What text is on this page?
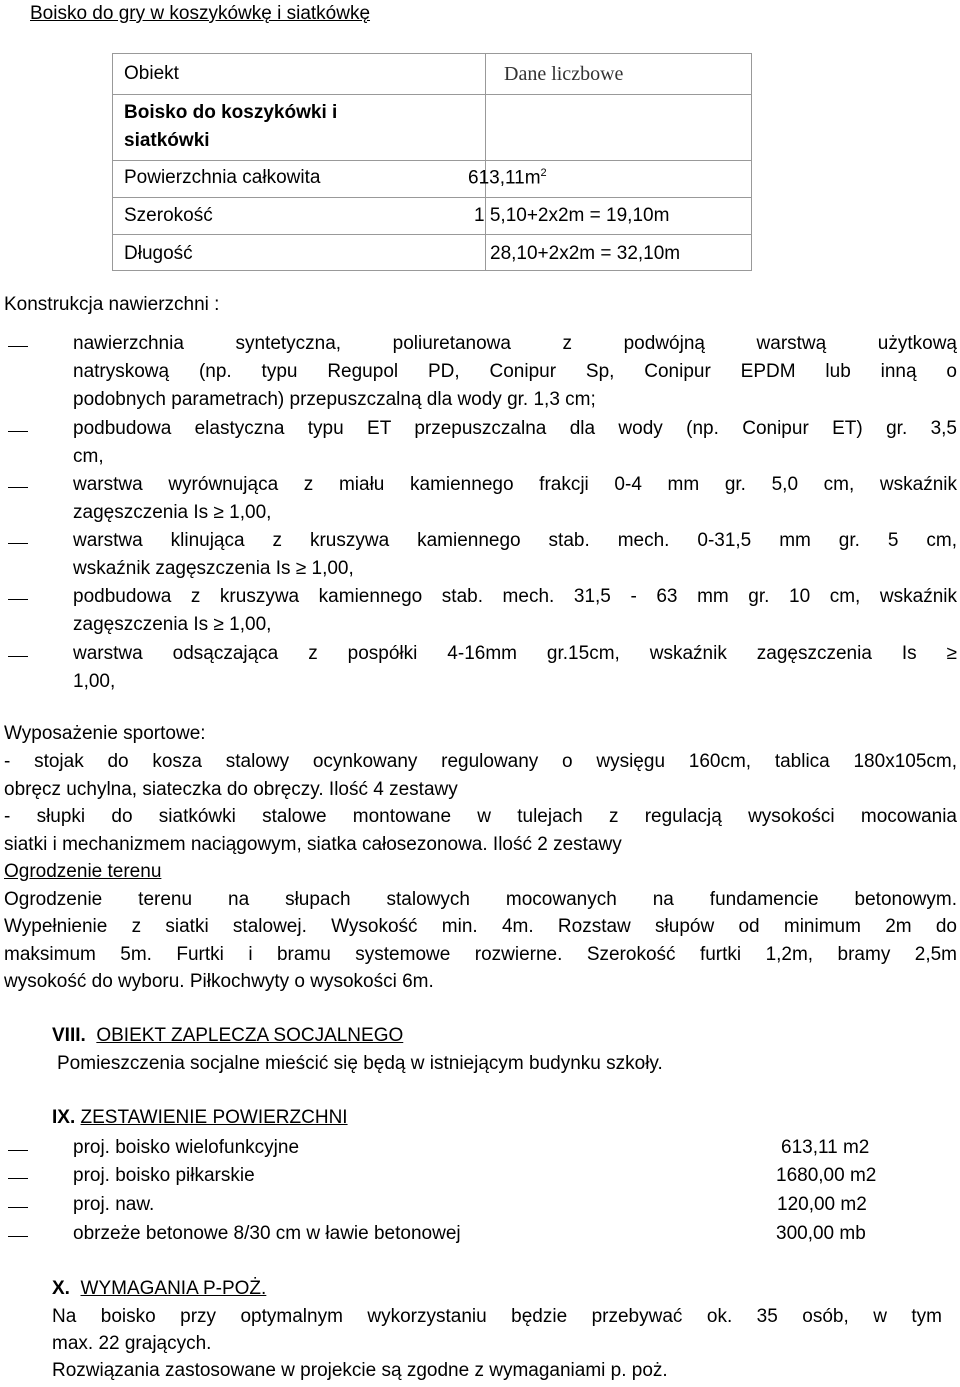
Boisko do gry w koszykówkę i siatkówkę
Obiekt	Dane liczbowe
Boisko do koszykówki i
siatkówki
Powierzchnia całkowita	$613,11m^2$
Szerokość	1 5,10+2x2m = 19,10m
Długość	28,10+2x2m = 32,10m
Konstrukcja nawierzchni :
nawierzchnia syntetyczna, poliuretanowa z podwójną warstwą użytkową
natryskową (np. typu Regupol PD, Conipur Sp, Conipur EPDM lub inną o
podobnych parametrach) przepuszczalną dla wody gr. 1,3 cm;
podbudowa elastyczna typu ET przepuszczalna dla wody (np. Conipur ET) gr. 3,5
cm,
warstwa wyrównująca z miału kamiennego frakcji 0-4 mm gr. 5,0 cm, wskaźnik
zagęszczenia Is ≥ 1,00,
warstwa klinująca z kruszywa kamiennego stab. mech. 0-31,5 mm gr. 5 cm,
wskaźnik zagęszczenia Is ≥ 1,00,
podbudowa z kruszywa kamiennego stab. mech. 31,5 - 63 mm gr. 10 cm, wskaźnik
zagęszczenia Is ≥ 1,00,
warstwa odsączająca z pospółki 4-16mm gr.15cm, wskaźnik zagęszczenia Is ≥
1,00,
Wyposażenie sportowe:
- stojak do kosza stalowy ocynkowany regulowany o wysięgu 160cm, tablica 180x105cm,
obręcz uchylna, siateczka do obręczy. Ilość 4 zestawy
- słupki do siatkówki stalowe montowane w tulejach z regulacją wysokości mocowania
siatki i mechanizmem naciągowym, siatka całosezonowa. Ilość 2 zestawy
Ogrodzenie terenu
Ogrodzenie terenu na słupach stalowych mocowanych na fundamencie betonowym.
Wypełnienie z siatki stalowej. Wysokość min. 4m. Rozstaw słupów od minimum 2m do
maksimum 5m. Furtki i bramu systemowe rozwierne. Szerokość furtki 1,2m, bramy 2,5m
wysokość do wyboru. Piłkochwyty o wysokości 6m.
VIII. OBIEKT ZAPLECZA SOCJALNEGO
Pomieszczenia socjalne mieścić się będą w istniejącym budynku szkoły.
IX. ZESTAWIENIE POWIERZCHNI
proj. boisko wielofunkcyjne	613,11 m2
proj. boisko piłkarskie	1680,00 m2
proj. naw.	120,00 m2
obrzeże betonowe 8/30 cm w ławie betonowej	300,00 mb
X. WYMAGANIA P-POŻ.
Na boisko przy optymalnym wykorzystaniu będzie przebywać ok. 35 osób, w tym
max. 22 grających.
Rozwiązania zastosowane w projekcie są zgodne z wymaganiami p. poż.
